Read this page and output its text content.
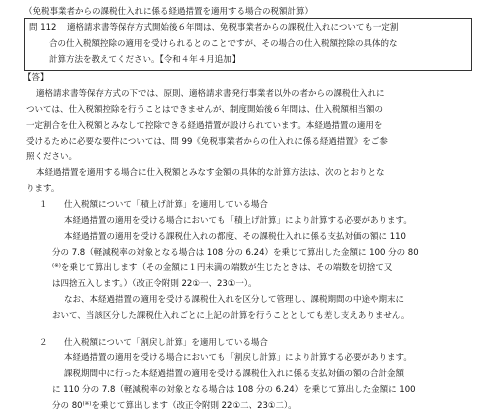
（免税事業者からの課税仕入れに係る経過措置を適用する場合の税額計算）
問 112 適格請求書等保存方式開始後６年間は、免税事業者からの課税仕入れについても一定割
合の仕入税額控除の適用を受けられるとのことですが、その場合の仕入税額控除の具体的な
計算方法を教えてください。【令和４年４月追加】
【答】
適格請求書等保存方式の下では、原則、適格請求書発行事業者以外の者からの課税仕入れに
ついては、仕入税額控除を行うことはできませんが、制度開始後６年間は、仕入税額相当額の
一定割合を仕入税額とみなして控除できる経過措置が設けられています。本経過措置の適用を
受けるために必要な要件については、問 99《免税事業者からの仕入れに係る経過措置》をご参
照ください。
本経過措置を適用する場合に仕入税額とみなす金額の具体的な計算方法は、次のとおりとな
ります。
１ 仕入税額について「積上げ計算」を適用している場合
本経過措置の適用を受ける場合においても「積上げ計算」により計算する必要があります。
本経過措置の適用を受ける課税仕入れの都度、その課税仕入れに係る支払対価の額に 110
分の 7.8（軽減税率の対象となる場合は 108 分の 6.24）を乗じて算出した金額に 100 分の 80
(※)を乗じて算出します（その金額に１円未満の端数が生じたときは、その端数を切捨て又
は四捨五入します。）（改正令附則 22①一、23①一）。
なお、本経過措置の適用を受ける課税仕入れを区分して管理し、課税期間の中途や期末に
おいて、当該区分した課税仕入れごとに上記の計算を行うこととしても差し支えありません。
２ 仕入税額について「割戻し計算」を適用している場合
本経過措置の適用を受ける場合においても「割戻し計算」により計算する必要があります。
課税期間中に行った本経過措置の適用を受ける課税仕入れに係る支払対価の額の合計金額
に 110 分の 7.8（軽減税率の対象となる場合は 108 分の 6.24）を乗じて算出した金額に 100
分の 80(※)を乗じて算出します（改正令附則 22①二、23①二）。
